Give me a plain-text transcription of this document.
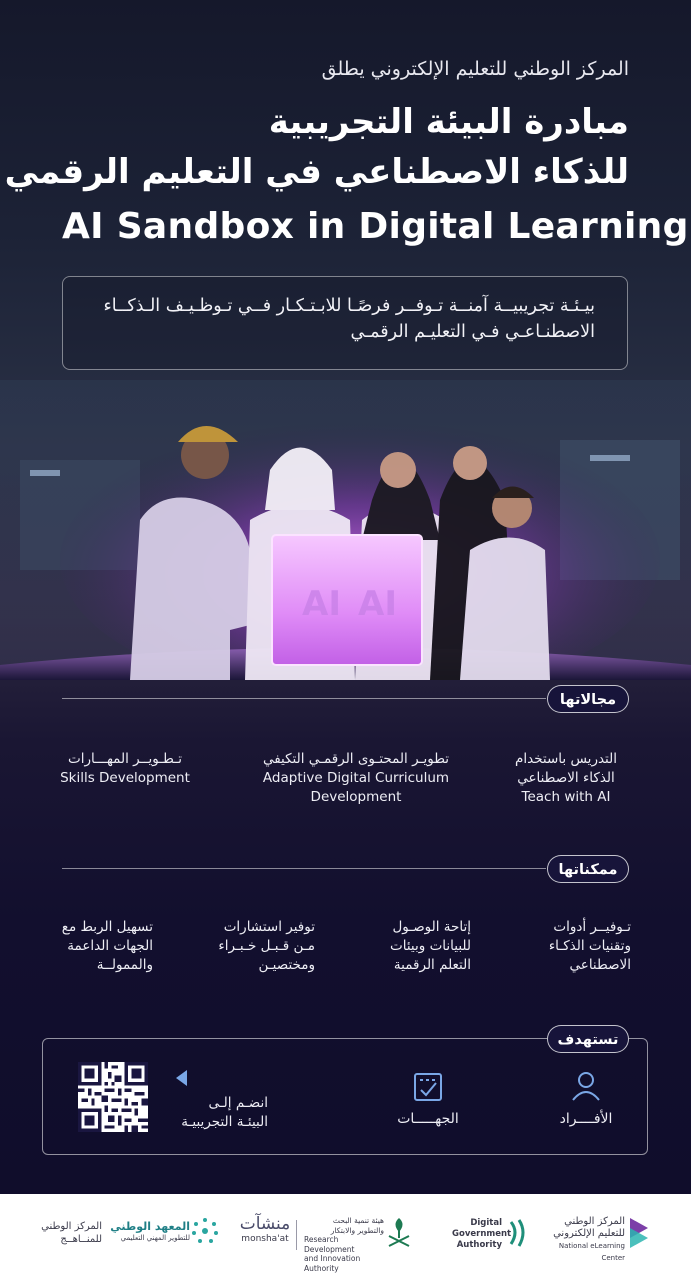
المركز الوطني للتعليم الإلكتروني يطلق
مبادرة البيئة التجريبية
للذكاء الاصطناعي في التعليم الرقمي
AI Sandbox in Digital Learning
بيـئـة تجريبيــة آمنــة تـوفــر فرصًـا للابـتـكـار فــي تـوظـيـف الـذكــاء
الاصطنـاعـي فـي التعليـم الرقمـي
AI AI
مجالاتها
التدريس باستخدام
الذكاء الاصطناعي
Teach with AI
تطويـر المحتـوى الرقمـي التكيفي
Adaptive Digital Curriculum
Development
تـطـويــر المهـــارات
Skills Development
ممكناتها
تـوفيــر أدوات
وتقنيات الذكـاء
الاصطناعي
إتاحة الوصـول
للبيانات وبيئات
التعلم الرقمية
توفير استشارات
مـن قـبـل خـبـراء
ومختصيـن
تسهيل الربط مع
الجهات الداعمة
والممولــة
تستهدف
الأفــــراد
الجهـــــات
انضـم إلـى
البيئـة التجريبيـة
المركز الوطني
للتعليم الإلكتروني
National eLearning Center
Digital
Government
Authority
هيئة تنمية البحث
والتطوير والابتكار
Research Development
and Innovation Authority
منشآت
monsha'at
المعهد الوطني
للتطوير المهني التعليمي
المركز الوطني
للمنــاهــج
